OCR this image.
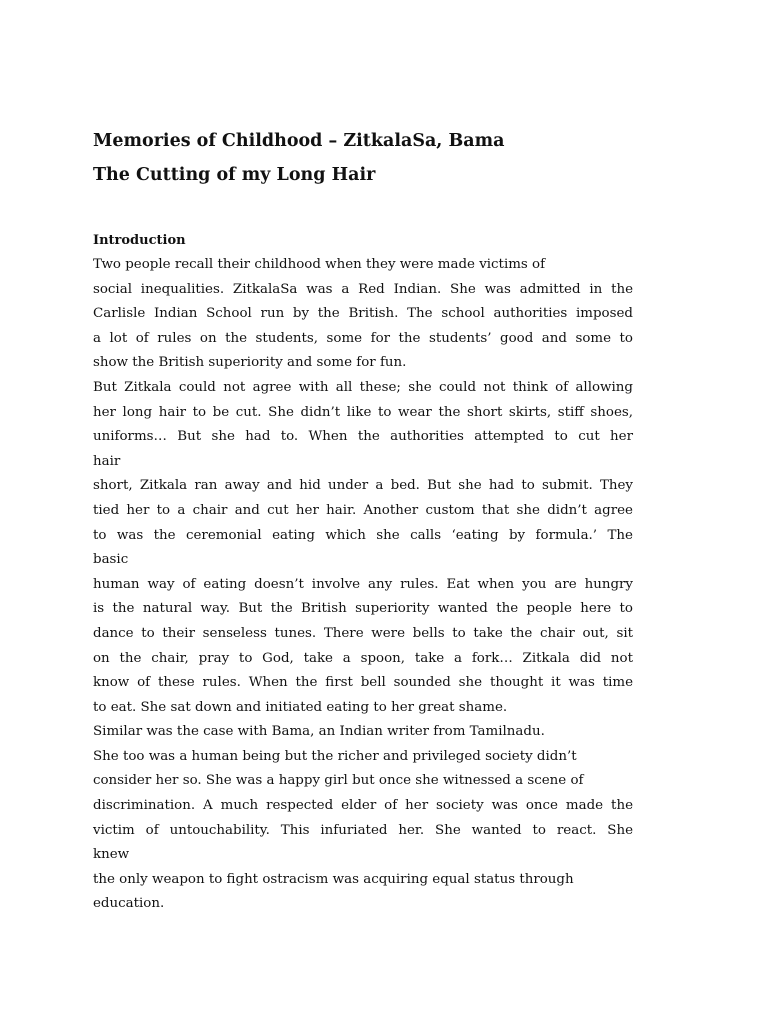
Memories of Childhood – ZitkalaSa, Bama
The Cutting of my Long Hair
Introduction

Two people recall their childhood when they were made victims of

social inequalities. ZitkalaSa was a Red Indian. She was admitted in the

Carlisle Indian School run by the British. The school authorities imposed

a lot of rules on the students, some for the students’ good and some to

show the British superiority and some for fun.

But Zitkala could not agree with all these; she could not think of allowing

her long hair to be cut. She didn’t like to wear the short skirts, stiff shoes,

uniforms… But she had to. When the authorities attempted to cut her

hair

short, Zitkala ran away and hid under a bed. But she had to submit. They

tied her to a chair and cut her hair. Another custom that she didn’t agree

to was the ceremonial eating which she calls ‘eating by formula.’ The

basic

human way of eating doesn’t involve any rules. Eat when you are hungry

is the natural way. But the British superiority wanted the people here to

dance to their senseless tunes. There were bells to take the chair out, sit

on the chair, pray to God, take a spoon, take a fork… Zitkala did not

know of these rules. When the first bell sounded she thought it was time

to eat. She sat down and initiated eating to her great shame.

Similar was the case with Bama, an Indian writer from Tamilnadu.

She too was a human being but the richer and privileged society didn’t

consider her so. She was a happy girl but once she witnessed a scene of

discrimination. A much respected elder of her society was once made the

victim of untouchability. This infuriated her. She wanted to react. She

knew

the only weapon to fight ostracism was acquiring equal status through

education.
